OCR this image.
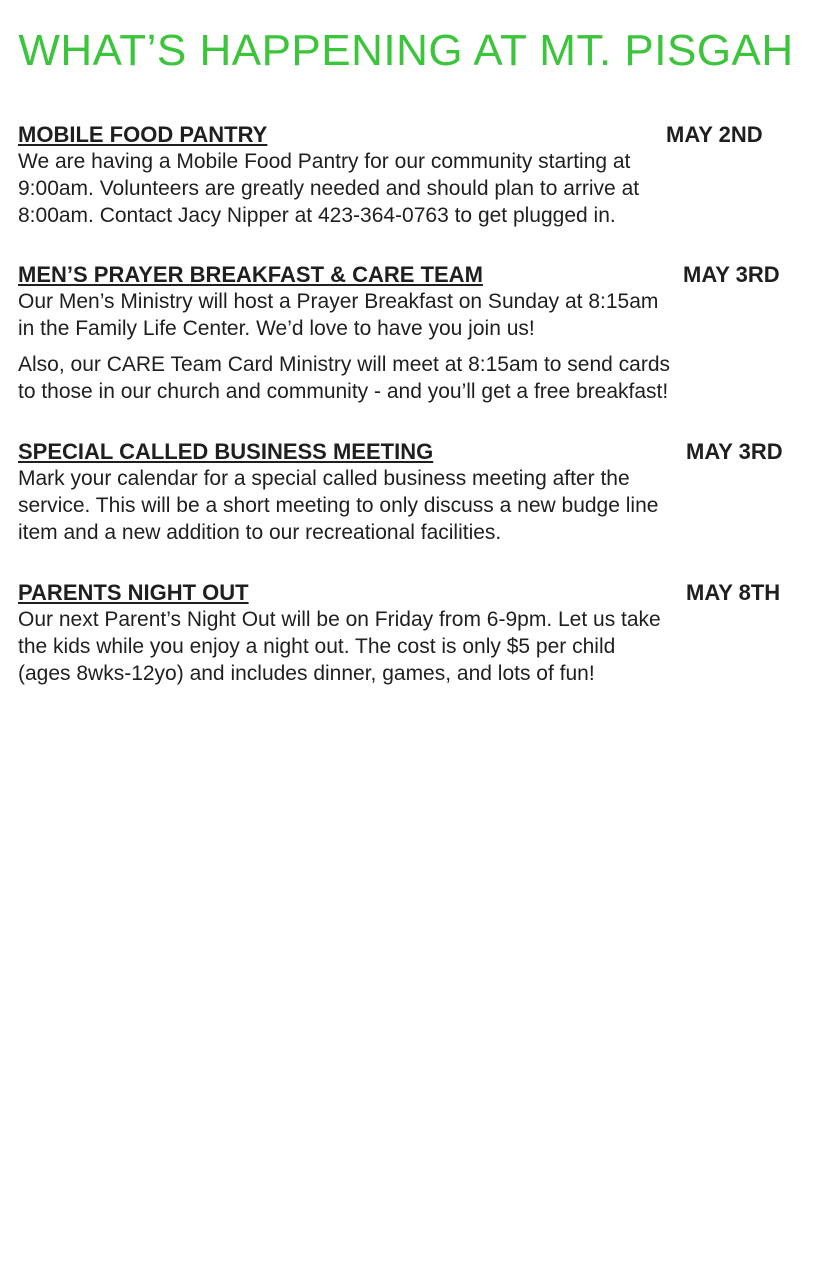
WHAT’S HAPPENING AT MT. PISGAH
MOBILE FOOD PANTRY	MAY 2ND

We are having a Mobile Food Pantry for our community starting at
9:00am. Volunteers are greatly needed and should plan to arrive at
8:00am. Contact Jacy Nipper at 423-364-0763 to get plugged in.

MEN’S PRAYER BREAKFAST & CARE TEAM	MAY 3RD

Our Men’s Ministry will host a Prayer Breakfast on Sunday at 8:15am
in the Family Life Center. We’d love to have you join us!

Also, our CARE Team Card Ministry will meet at 8:15am to send cards
to those in our church and community - and you’ll get a free breakfast!

SPECIAL CALLED BUSINESS MEETING	MAY 3RD

Mark your calendar for a special called business meeting after the
service. This will be a short meeting to only discuss a new budge line
item and a new addition to our recreational facilities.

PARENTS NIGHT OUT	MAY 8TH

Our next Parent’s Night Out will be on Friday from 6-9pm. Let us take
the kids while you enjoy a night out. The cost is only $5 per child
(ages 8wks-12yo) and includes dinner, games, and lots of fun!
